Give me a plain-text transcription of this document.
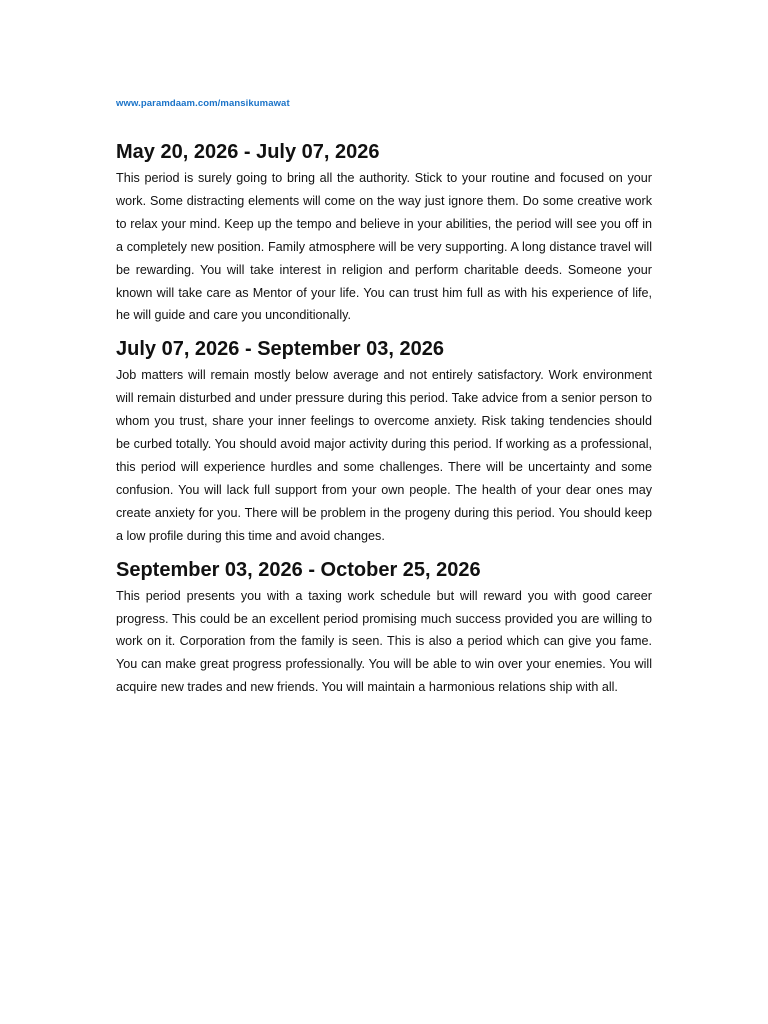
www.paramdaam.com/mansikumawat
May 20, 2026 - July 07, 2026

This period is surely going to bring all the authority. Stick to your routine and focused on your work. Some distracting elements will come on the way just ignore them. Do some creative work to relax your mind. Keep up the tempo and believe in your abilities, the period will see you off in a completely new position. Family atmosphere will be very supporting. A long distance travel will be rewarding. You will take interest in religion and perform charitable deeds. Someone your known will take care as Mentor of your life. You can trust him full as with his experience of life, he will guide and care you unconditionally.

July 07, 2026 - September 03, 2026

Job matters will remain mostly below average and not entirely satisfactory. Work environment will remain disturbed and under pressure during this period. Take advice from a senior person to whom you trust, share your inner feelings to overcome anxiety. Risk taking tendencies should be curbed totally. You should avoid major activity during this period. If working as a professional, this period will experience hurdles and some challenges. There will be uncertainty and some confusion. You will lack full support from your own people. The health of your dear ones may create anxiety for you. There will be problem in the progeny during this period. You should keep a low profile during this time and avoid changes.

September 03, 2026 - October 25, 2026

This period presents you with a taxing work schedule but will reward you with good career progress. This could be an excellent period promising much success provided you are willing to work on it. Corporation from the family is seen. This is also a period which can give you fame. You can make great progress professionally. You will be able to win over your enemies. You will acquire new trades and new friends. You will maintain a harmonious relations ship with all.
